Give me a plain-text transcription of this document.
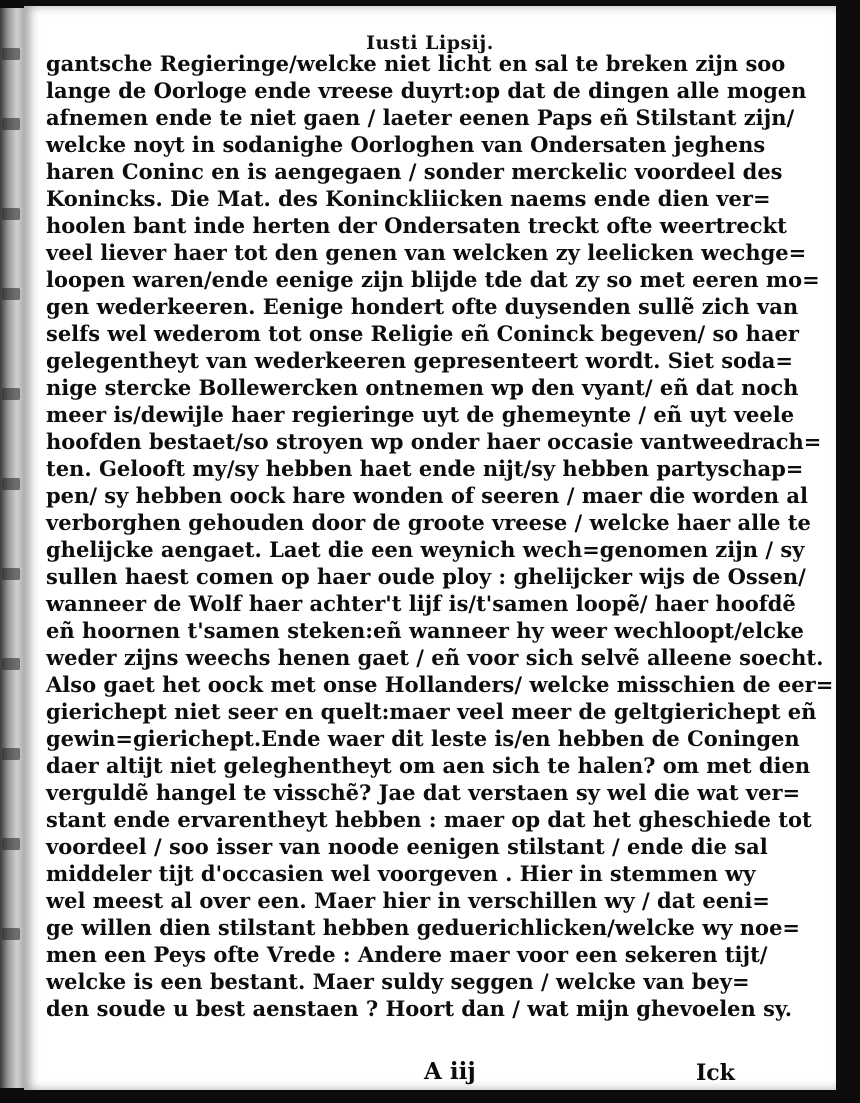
Iusti Lipsij.
gantsche Regieringe/welcke niet licht en sal te breken zijn soo
lange de Oorloge ende vreese duyrt:op dat de dingen alle mogen
afnemen ende te niet gaen / laeter eenen Paps eñ Stilstant zijn/
welcke noyt in sodanighe Oorloghen van Ondersaten jeghens
haren Coninc en is aengegaen / sonder merckelic voordeel des
Konincks. Die Mat. des Koninckliicken naems ende dien ver=
hoolen bant inde herten der Ondersaten treckt ofte weertreckt
veel liever haer tot den genen van welcken zy leelicken wechge=
loopen waren/ende eenige zijn blijde tde dat zy so met eeren mo=
gen wederkeeren. Eenige hondert ofte duysenden sullẽ zich van
selfs wel wederom tot onse Religie eñ Coninck begeven/ so haer
gelegentheyt van wederkeeren gepresenteert wordt. Siet soda=
nige stercke Bollewercken ontnemen wp den vyant/ eñ dat noch
meer is/dewijle haer regieringe uyt de ghemeynte / eñ uyt veele
hoofden bestaet/so stroyen wp onder haer occasie vantweedrach=
ten. Gelooft my/sy hebben haet ende nijt/sy hebben partyschap=
pen/ sy hebben oock hare wonden of seeren / maer die worden al
verborghen gehouden door de groote vreese / welcke haer alle te
ghelijcke aengaet. Laet die een weynich wech=genomen zijn / sy
sullen haest comen op haer oude ploy : ghelijcker wijs de Ossen/
wanneer de Wolf haer achter't lijf is/t'samen loopẽ/ haer hoofdẽ
eñ hoornen t'samen steken:eñ wanneer hy weer wechloopt/elcke
weder zijns weechs henen gaet / eñ voor sich selvẽ alleene soecht.
Also gaet het oock met onse Hollanders/ welcke misschien de eer=
gierichept niet seer en quelt:maer veel meer de geltgierichept eñ
gewin=gierichept.Ende waer dit leste is/en hebben de Coningen
daer altijt niet geleghentheyt om aen sich te halen? om met dien
verguldẽ hangel te visschẽ? Jae dat verstaen sy wel die wat ver=
stant ende ervarentheyt hebben : maer op dat het gheschiede tot
voordeel / soo isser van noode eenigen stilstant / ende die sal
middeler tijt d'occasien wel voorgeven . Hier in stemmen wy
wel meest al over een. Maer hier in verschillen wy / dat eeni=
ge willen dien stilstant hebben geduerichlicken/welcke wy noe=
men een Peys ofte Vrede : Andere maer voor een sekeren tijt/
welcke is een bestant. Maer suldy seggen / welcke van bey=
den soude u best aenstaen ? Hoort dan / wat mijn ghevoelen sy.
A iij	Ick
